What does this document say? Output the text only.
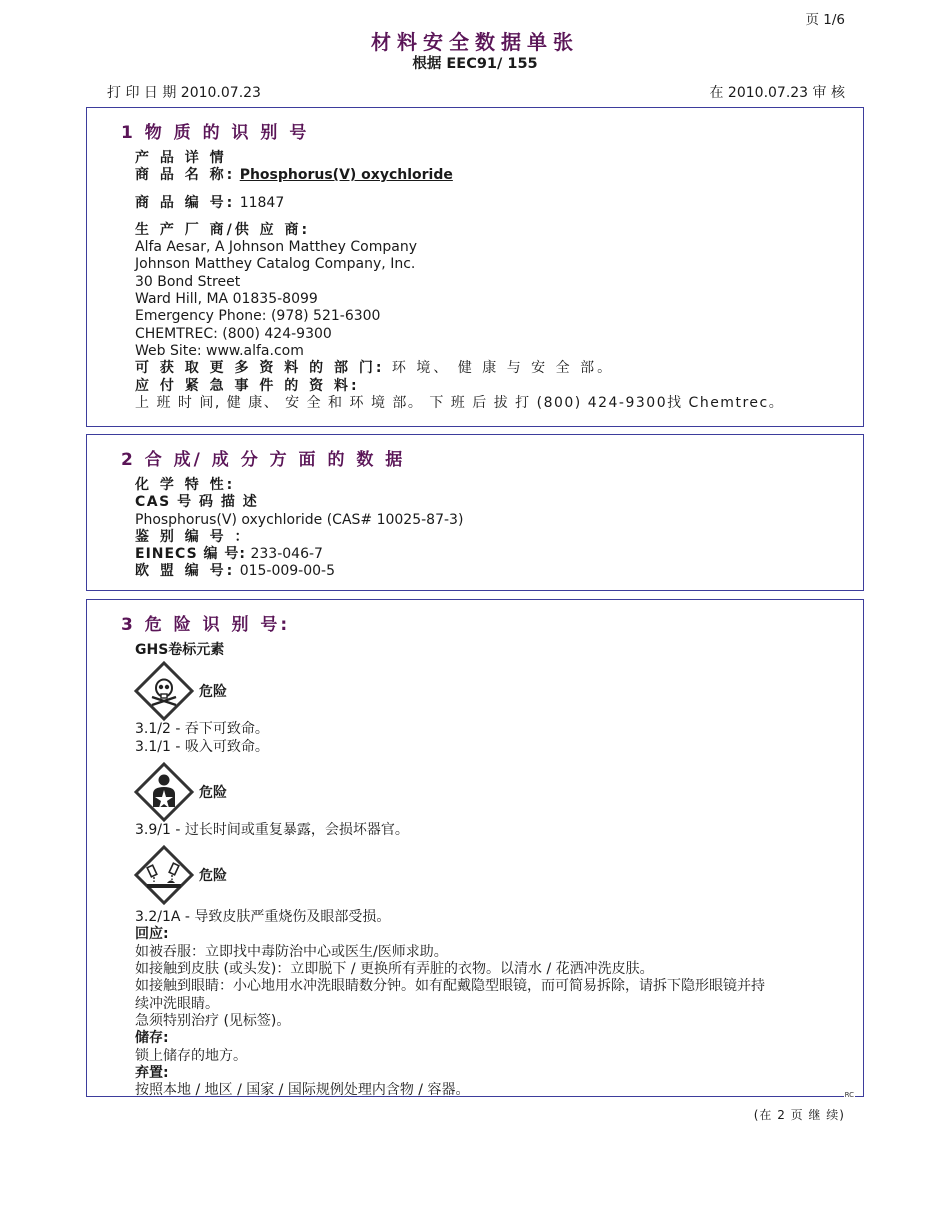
页 1/6
材料安全数据单张
根据 EEC91/ 155
打 印 日 期 2010.07.23	在 2010.07.23 审 核
1 物 质 的 识 别 号
产 品 详 情
商 品 名 称: Phosphorus(V) oxychloride
商 品 编 号: 11847
生 产 厂 商/供 应 商:
Alfa Aesar, A Johnson Matthey Company
Johnson Matthey Catalog Company, Inc.
30 Bond Street
Ward Hill, MA 01835-8099
Emergency Phone: (978) 521-6300
CHEMTREC: (800) 424-9300
Web Site: www.alfa.com
可 获 取 更 多 资 料 的 部 门: 环 境、 健 康 与 安 全 部。
应 付 紧 急 事 件 的 资 料:
上 班 时 间, 健 康、 安 全 和 环 境 部。 下 班 后 拔 打 (800) 424-9300找 Chemtrec。
2 合 成/ 成 分 方 面 的 数 据
化 学 特 性:
CAS 号 码 描 述
Phosphorus(V) oxychloride (CAS# 10025-87-3)
鉴 别 编 号 ：
EINECS 编 号: 233-046-7
欧 盟 编 号: 015-009-00-5
3 危 险 识 别 号:
GHS卷标元素
危险
3.1/2 - 吞下可致命。
3.1/1 - 吸入可致命。
危险
3.9/1 - 过长时间或重复暴露，会损坏器官。
危险
3.2/1A - 导致皮肤严重烧伤及眼部受损。
回应:
如被吞服：立即找中毒防治中心或医生/医师求助。
如接触到皮肤 (或头发)：立即脱下 / 更换所有弄脏的衣物。以清水 / 花洒冲洗皮肤。
如接触到眼睛：小心地用水冲洗眼睛数分钟。如有配戴隐型眼镜，而可简易拆除，请拆下隐形眼镜并持
续冲洗眼睛。
急须特别治疗 (见标签)。
储存:
锁上储存的地方。
弃置:
按照本地 / 地区 / 国家 / 国际规例处理内含物 / 容器。	RC
(在 2 页 继 续)
